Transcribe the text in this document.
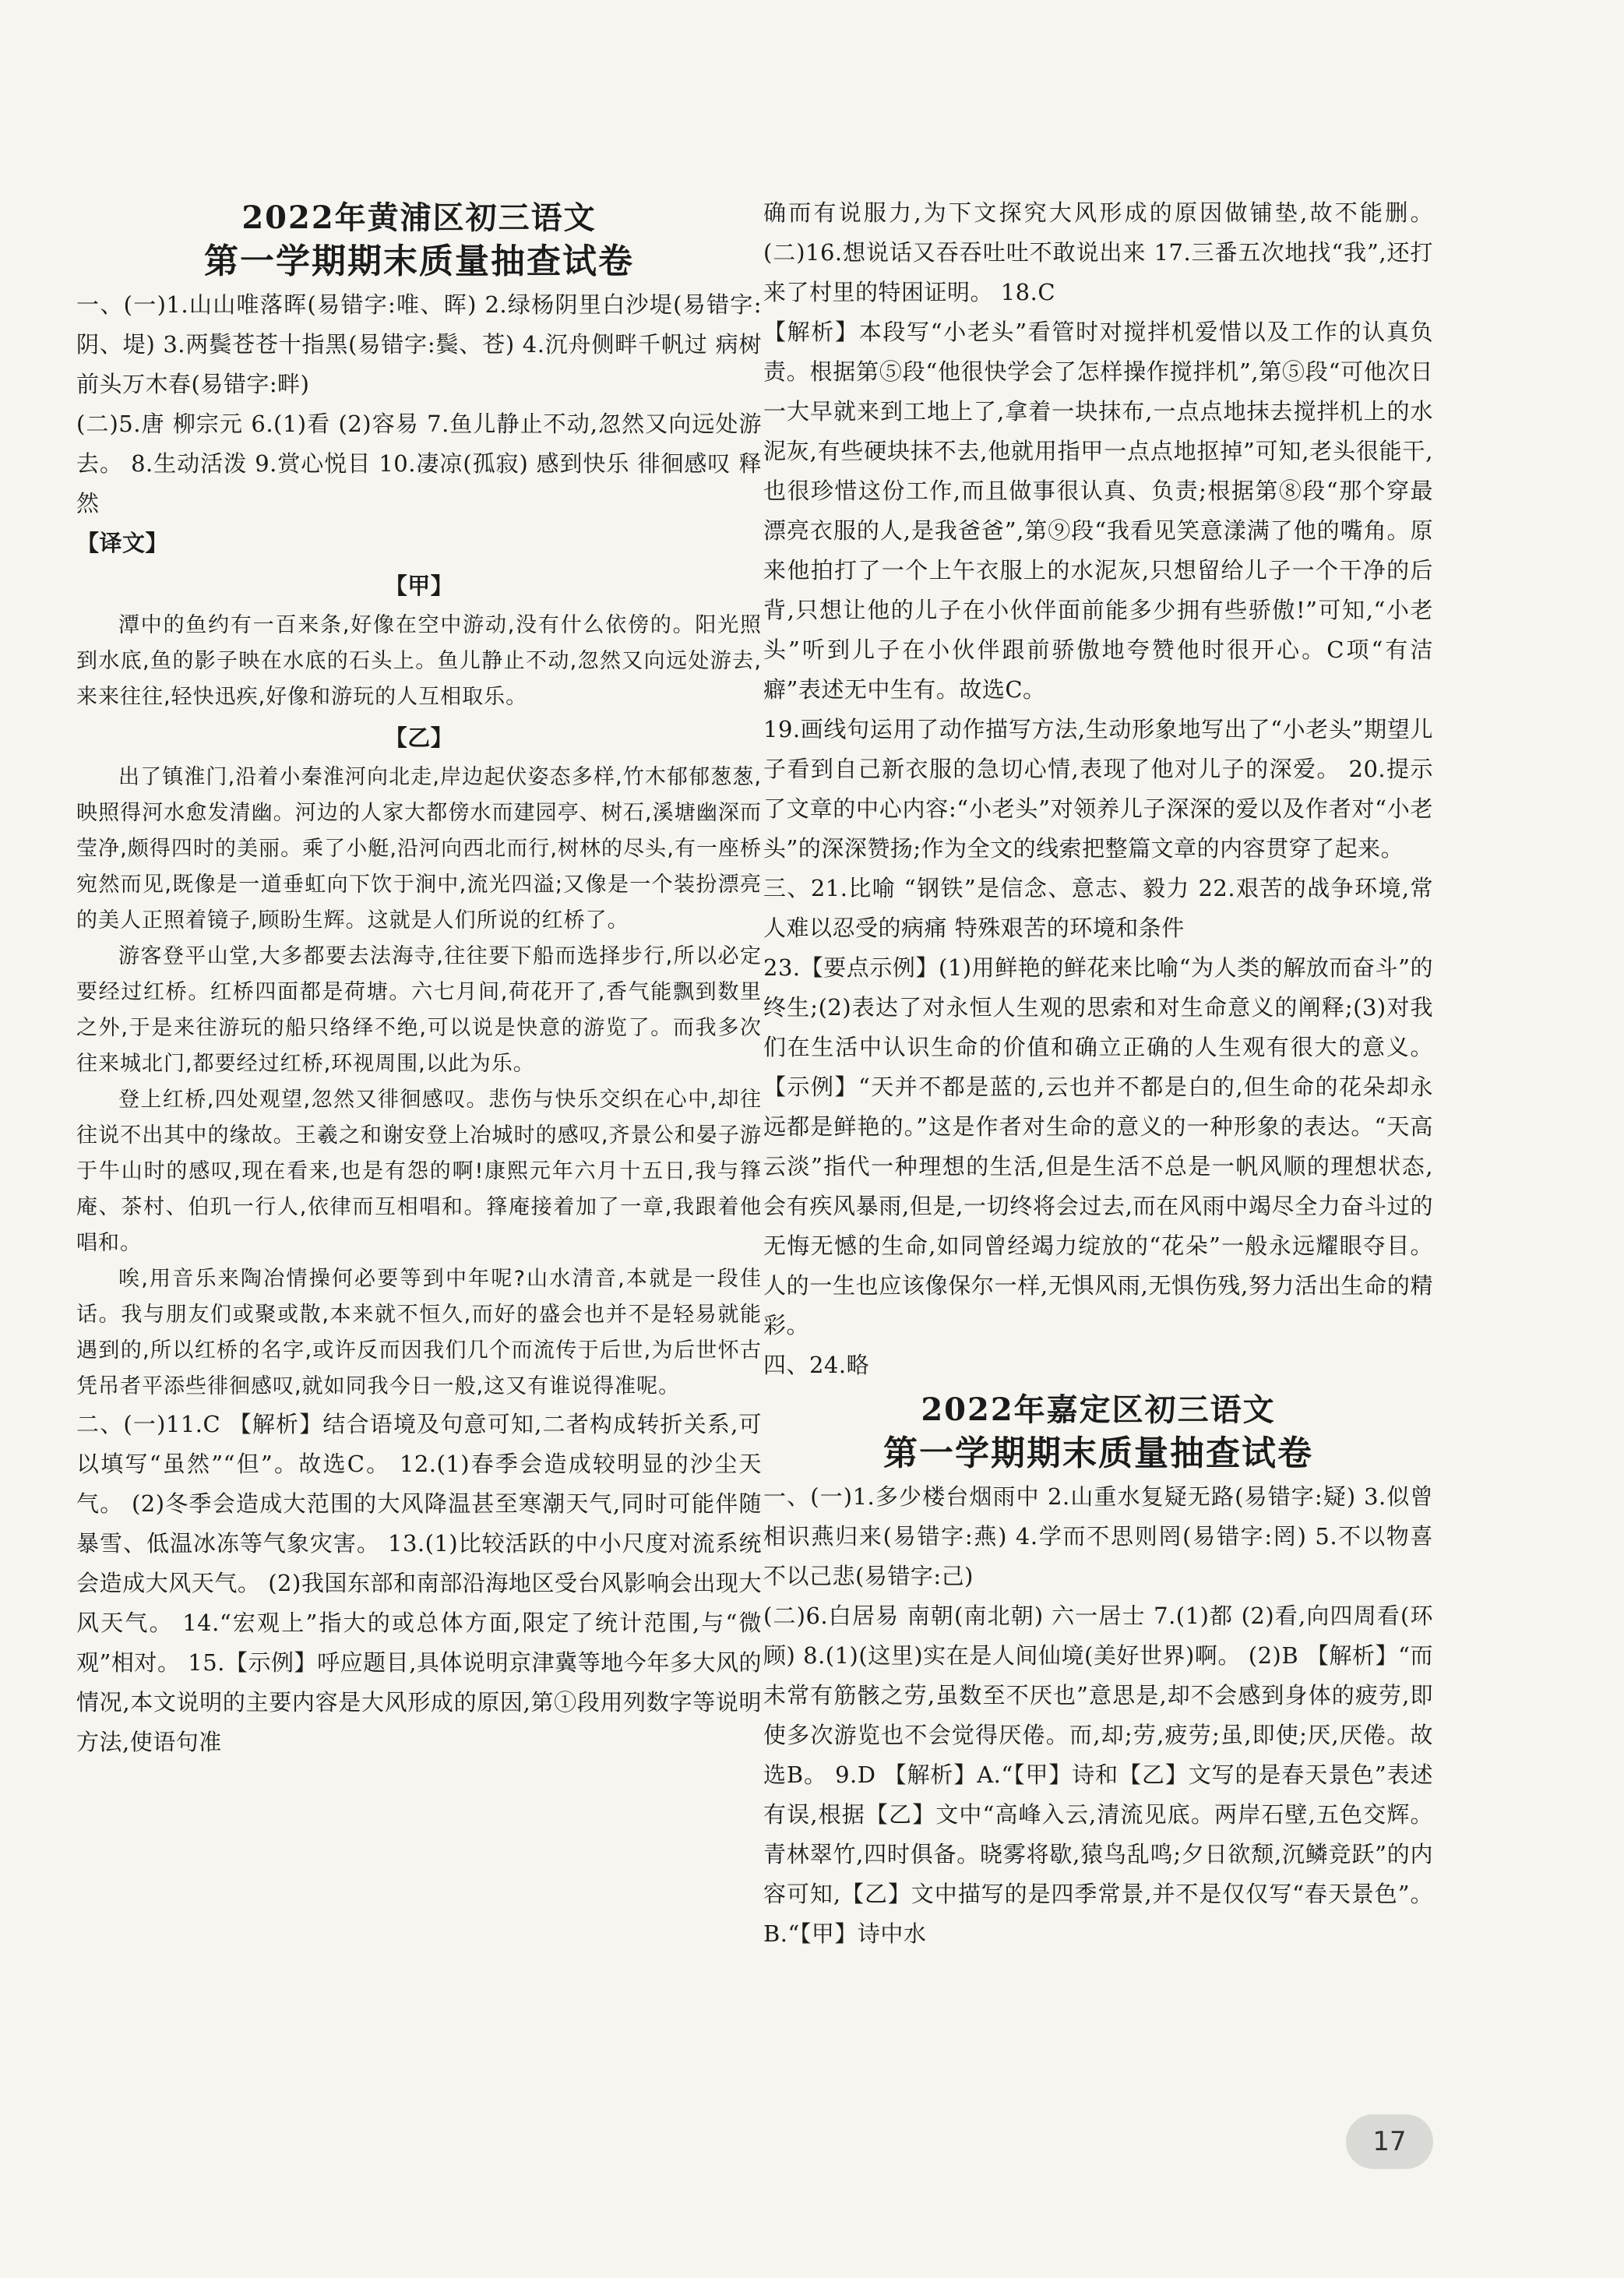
2022年黄浦区初三语文
第一学期期末质量抽查试卷

一、(一)1.山山唯落晖(易错字:唯、晖) 2.绿杨阴里白沙堤(易错字:阴、堤) 3.两鬓苍苍十指黑(易错字:鬓、苍) 4.沉舟侧畔千帆过 病树前头万木春(易错字:畔)

(二)5.唐 柳宗元 6.(1)看 (2)容易 7.鱼儿静止不动,忽然又向远处游去。 8.生动活泼 9.赏心悦目 10.凄凉(孤寂) 感到快乐 徘徊感叹 释然

【译文】

【甲】

潭中的鱼约有一百来条,好像在空中游动,没有什么依傍的。阳光照到水底,鱼的影子映在水底的石头上。鱼儿静止不动,忽然又向远处游去,来来往往,轻快迅疾,好像和游玩的人互相取乐。

【乙】

出了镇淮门,沿着小秦淮河向北走,岸边起伏姿态多样,竹木郁郁葱葱,映照得河水愈发清幽。河边的人家大都傍水而建园亭、树石,溪塘幽深而莹净,颇得四时的美丽。乘了小艇,沿河向西北而行,树林的尽头,有一座桥宛然而见,既像是一道垂虹向下饮于涧中,流光四溢;又像是一个装扮漂亮的美人正照着镜子,顾盼生辉。这就是人们所说的红桥了。

游客登平山堂,大多都要去法海寺,往往要下船而选择步行,所以必定要经过红桥。红桥四面都是荷塘。六七月间,荷花开了,香气能飘到数里之外,于是来往游玩的船只络绎不绝,可以说是快意的游览了。而我多次往来城北门,都要经过红桥,环视周围,以此为乐。

登上红桥,四处观望,忽然又徘徊感叹。悲伤与快乐交织在心中,却往往说不出其中的缘故。王羲之和谢安登上冶城时的感叹,齐景公和晏子游于牛山时的感叹,现在看来,也是有怨的啊!康熙元年六月十五日,我与箨庵、茶村、伯玑一行人,依律而互相唱和。箨庵接着加了一章,我跟着他唱和。

唉,用音乐来陶冶情操何必要等到中年呢?山水清音,本就是一段佳话。我与朋友们或聚或散,本来就不恒久,而好的盛会也并不是轻易就能遇到的,所以红桥的名字,或许反而因我们几个而流传于后世,为后世怀古凭吊者平添些徘徊感叹,就如同我今日一般,这又有谁说得准呢。

二、(一)11.C 【解析】结合语境及句意可知,二者构成转折关系,可以填写“虽然”“但”。故选C。 12.(1)春季会造成较明显的沙尘天气。 (2)冬季会造成大范围的大风降温甚至寒潮天气,同时可能伴随暴雪、低温冰冻等气象灾害。 13.(1)比较活跃的中小尺度对流系统会造成大风天气。 (2)我国东部和南部沿海地区受台风影响会出现大风天气。 14.“宏观上”指大的或总体方面,限定了统计范围,与“微观”相对。 15.【示例】呼应题目,具体说明京津冀等地今年多大风的情况,本文说明的主要内容是大风形成的原因,第①段用列数字等说明方法,使语句准

确而有说服力,为下文探究大风形成的原因做铺垫,故不能删。 (二)16.想说话又吞吞吐吐不敢说出来 17.三番五次地找“我”,还打来了村里的特困证明。 18.C

【解析】本段写“小老头”看管时对搅拌机爱惜以及工作的认真负责。根据第⑤段“他很快学会了怎样操作搅拌机”,第⑤段“可他次日一大早就来到工地上了,拿着一块抹布,一点点地抹去搅拌机上的水泥灰,有些硬块抹不去,他就用指甲一点点地抠掉”可知,老头很能干,也很珍惜这份工作,而且做事很认真、负责;根据第⑧段“那个穿最漂亮衣服的人,是我爸爸”,第⑨段“我看见笑意漾满了他的嘴角。原来他拍打了一个上午衣服上的水泥灰,只想留给儿子一个干净的后背,只想让他的儿子在小伙伴面前能多少拥有些骄傲!”可知,“小老头”听到儿子在小伙伴跟前骄傲地夸赞他时很开心。C项“有洁癖”表述无中生有。故选C。

19.画线句运用了动作描写方法,生动形象地写出了“小老头”期望儿子看到自己新衣服的急切心情,表现了他对儿子的深爱。 20.提示了文章的中心内容:“小老头”对领养儿子深深的爱以及作者对“小老头”的深深赞扬;作为全文的线索把整篇文章的内容贯穿了起来。

三、21.比喻 “钢铁”是信念、意志、毅力 22.艰苦的战争环境,常人难以忍受的病痛 特殊艰苦的环境和条件

23.【要点示例】(1)用鲜艳的鲜花来比喻“为人类的解放而奋斗”的终生;(2)表达了对永恒人生观的思索和对生命意义的阐释;(3)对我们在生活中认识生命的价值和确立正确的人生观有很大的意义。【示例】“天并不都是蓝的,云也并不都是白的,但生命的花朵却永远都是鲜艳的。”这是作者对生命的意义的一种形象的表达。“天高云淡”指代一种理想的生活,但是生活不总是一帆风顺的理想状态,会有疾风暴雨,但是,一切终将会过去,而在风雨中竭尽全力奋斗过的无悔无憾的生命,如同曾经竭力绽放的“花朵”一般永远耀眼夺目。人的一生也应该像保尔一样,无惧风雨,无惧伤残,努力活出生命的精彩。

四、24.略

2022年嘉定区初三语文
第一学期期末质量抽查试卷

一、(一)1.多少楼台烟雨中 2.山重水复疑无路(易错字:疑) 3.似曾相识燕归来(易错字:燕) 4.学而不思则罔(易错字:罔) 5.不以物喜 不以己悲(易错字:己)

(二)6.白居易 南朝(南北朝) 六一居士 7.(1)都 (2)看,向四周看(环顾) 8.(1)(这里)实在是人间仙境(美好世界)啊。 (2)B 【解析】“而未常有筋骸之劳,虽数至不厌也”意思是,却不会感到身体的疲劳,即使多次游览也不会觉得厌倦。而,却;劳,疲劳;虽,即使;厌,厌倦。故选B。 9.D 【解析】A.“【甲】诗和【乙】文写的是春天景色”表述有误,根据【乙】文中“高峰入云,清流见底。两岸石壁,五色交辉。青林翠竹,四时俱备。晓雾将歇,猿鸟乱鸣;夕日欲颓,沉鳞竞跃”的内容可知,【乙】文中描写的是四季常景,并不是仅仅写“春天景色”。B.“【甲】诗中水

17
